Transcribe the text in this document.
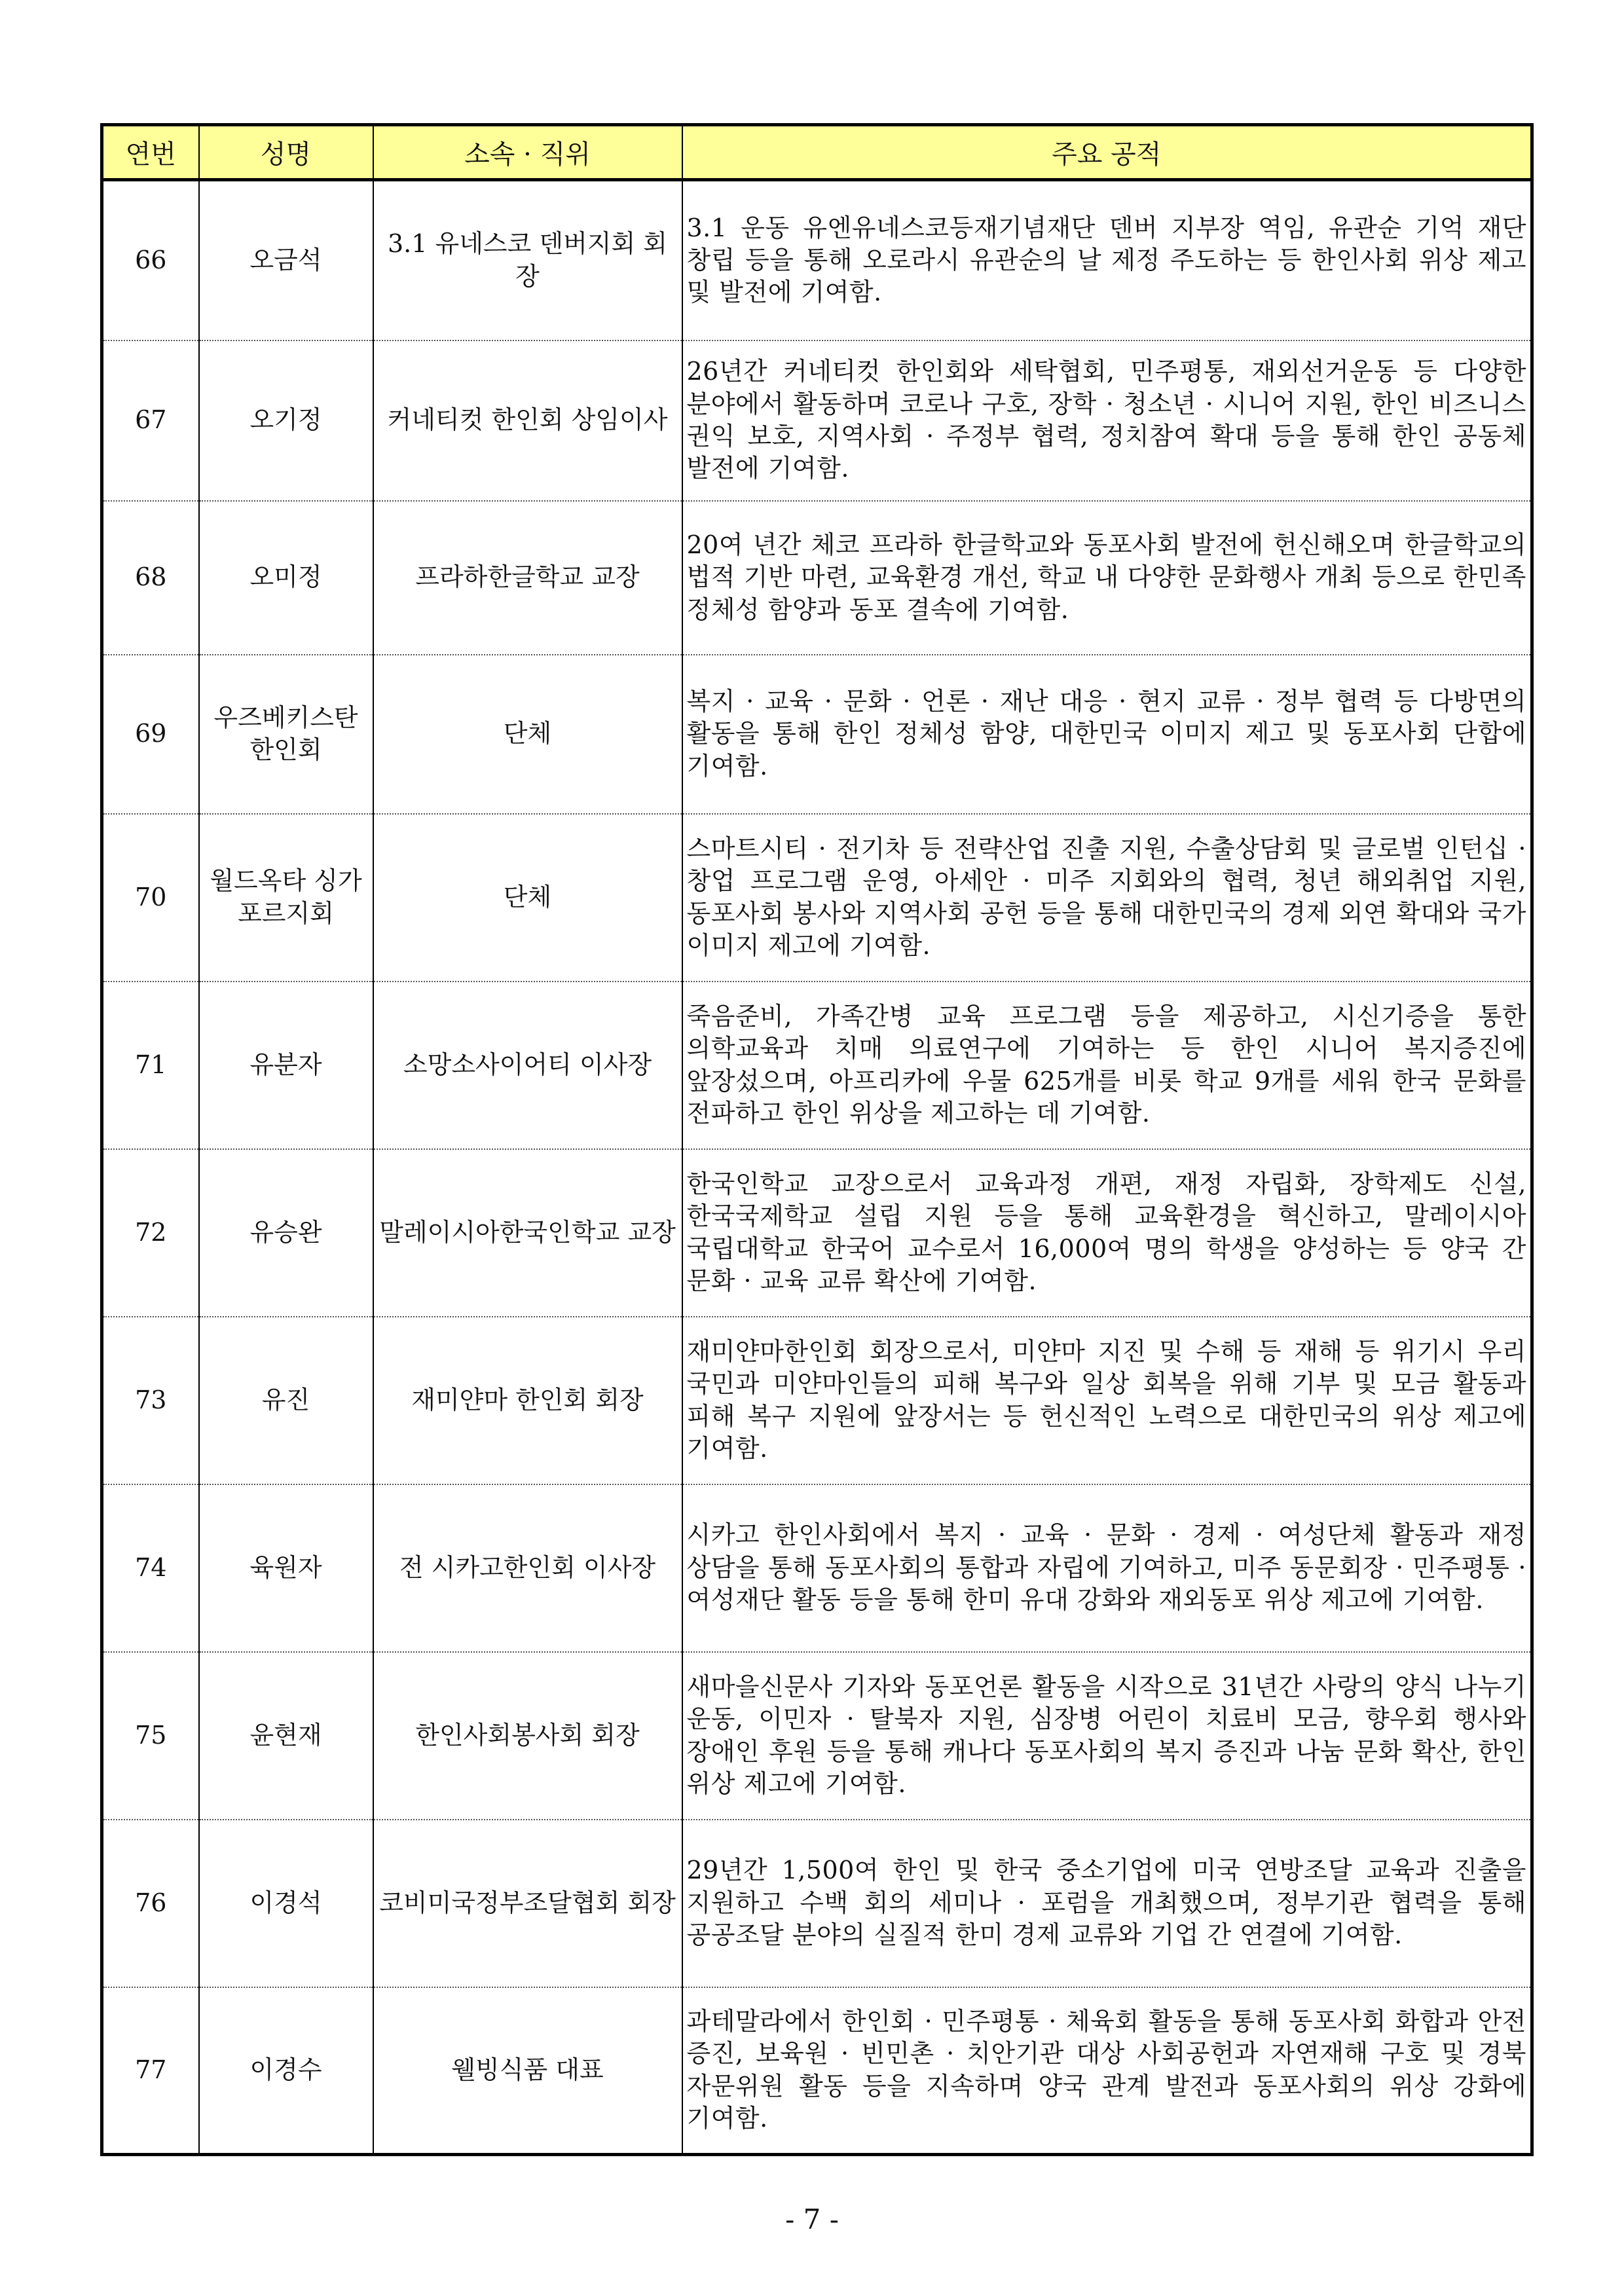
연번	성명	소속 · 직위	주요 공적
66	오금석	3.1 유네스코 덴버지회 회장	3.1 운동 유엔유네스코등재기념재단 덴버 지부장 역임, 유관순 기억 재단 창립 등을 통해 오로라시 유관순의 날 제정 주도하는 등 한인사회 위상 제고 및 발전에 기여함.
67	오기정	커네티컷 한인회 상임이사	26년간 커네티컷 한인회와 세탁협회, 민주평통, 재외선거운동 등 다양한 분야에서 활동하며 코로나 구호, 장학 · 청소년 · 시니어 지원, 한인 비즈니스 권익 보호, 지역사회 · 주정부 협력, 정치참여 확대 등을 통해 한인 공동체 발전에 기여함.
68	오미정	프라하한글학교 교장	20여 년간 체코 프라하 한글학교와 동포사회 발전에 헌신해오며 한글학교의 법적 기반 마련, 교육환경 개선, 학교 내 다양한 문화행사 개최 등으로 한민족 정체성 함양과 동포 결속에 기여함.
69	우즈베키스탄 한인회	단체	복지 · 교육 · 문화 · 언론 · 재난 대응 · 현지 교류 · 정부 협력 등 다방면의 활동을 통해 한인 정체성 함양, 대한민국 이미지 제고 및 동포사회 단합에 기여함.
70	월드옥타 싱가포르지회	단체	스마트시티 · 전기차 등 전략산업 진출 지원, 수출상담회 및 글로벌 인턴십 · 창업 프로그램 운영, 아세안 · 미주 지회와의 협력, 청년 해외취업 지원, 동포사회 봉사와 지역사회 공헌 등을 통해 대한민국의 경제 외연 확대와 국가 이미지 제고에 기여함.
71	유분자	소망소사이어티 이사장	죽음준비, 가족간병 교육 프로그램 등을 제공하고, 시신기증을 통한 의학교육과 치매 의료연구에 기여하는 등 한인 시니어 복지증진에 앞장섰으며, 아프리카에 우물 625개를 비롯 학교 9개를 세워 한국 문화를 전파하고 한인 위상을 제고하는 데 기여함.
72	유승완	말레이시아한국인학교 교장	한국인학교 교장으로서 교육과정 개편, 재정 자립화, 장학제도 신설, 한국국제학교 설립 지원 등을 통해 교육환경을 혁신하고, 말레이시아 국립대학교 한국어 교수로서 16,000여 명의 학생을 양성하는 등 양국 간 문화 · 교육 교류 확산에 기여함.
73	유진	재미얀마 한인회 회장	재미얀마한인회 회장으로서, 미얀마 지진 및 수해 등 재해 등 위기시 우리 국민과 미얀마인들의 피해 복구와 일상 회복을 위해 기부 및 모금 활동과 피해 복구 지원에 앞장서는 등 헌신적인 노력으로 대한민국의 위상 제고에 기여함.
74	육원자	전 시카고한인회 이사장	시카고 한인사회에서 복지 · 교육 · 문화 · 경제 · 여성단체 활동과 재정 상담을 통해 동포사회의 통합과 자립에 기여하고, 미주 동문회장 · 민주평통 · 여성재단 활동 등을 통해 한미 유대 강화와 재외동포 위상 제고에 기여함.
75	윤현재	한인사회봉사회 회장	새마을신문사 기자와 동포언론 활동을 시작으로 31년간 사랑의 양식 나누기 운동, 이민자 · 탈북자 지원, 심장병 어린이 치료비 모금, 향우회 행사와 장애인 후원 등을 통해 캐나다 동포사회의 복지 증진과 나눔 문화 확산, 한인 위상 제고에 기여함.
76	이경석	코비미국정부조달협회 회장	29년간 1,500여 한인 및 한국 중소기업에 미국 연방조달 교육과 진출을 지원하고 수백 회의 세미나 · 포럼을 개최했으며, 정부기관 협력을 통해 공공조달 분야의 실질적 한미 경제 교류와 기업 간 연결에 기여함.
77	이경수	웰빙식품 대표	과테말라에서 한인회 · 민주평통 · 체육회 활동을 통해 동포사회 화합과 안전 증진, 보육원 · 빈민촌 · 치안기관 대상 사회공헌과 자연재해 구호 및 경북 자문위원 활동 등을 지속하며 양국 관계 발전과 동포사회의 위상 강화에 기여함.
- 7 -
